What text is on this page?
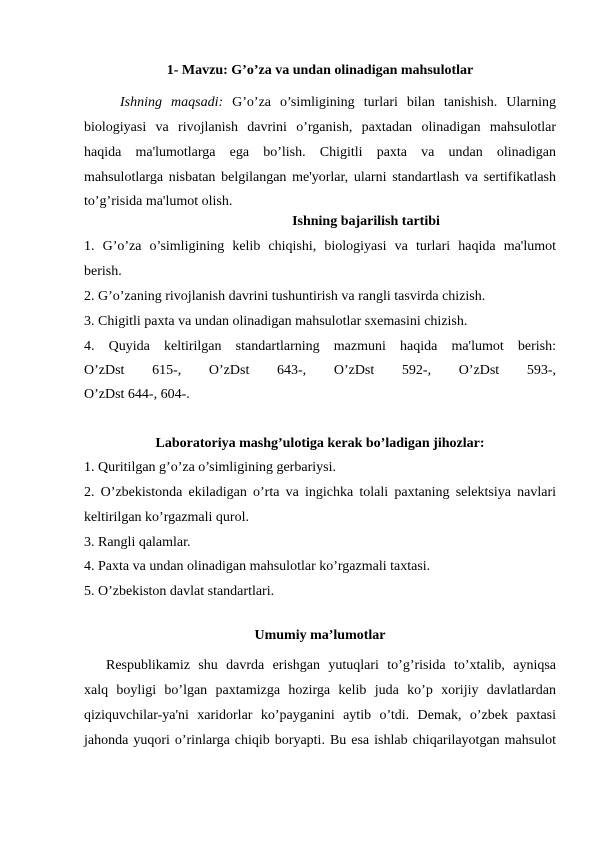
1- Mavzu: G’o’za va undan olinadigan mahsulotlar
Ishning maqsadi: G’o’za o’simligining turlari bilan tanishish. Ularning
biologiyasi va rivojlanish davrini o’rganish, paxtadan olinadigan mahsulotlar
haqida ma'lumotlarga ega bo’lish. Chigitli paxta va undan olinadigan
mahsulotlarga nisbatan belgilangan me'yorlar, ularni standartlash va sertifikatlash
to’g’risida ma'lumot olish.
Ishning bajarilish tartibi
1. G’o’za o’simligining kelib chiqishi, biologiyasi va turlari haqida ma'lumot
berish.
2. G’o’zaning rivojlanish davrini tushuntirish va rangli tasvirda chizish.
3. Chigitli paxta va undan olinadigan mahsulotlar sxemasini chizish.
4. Quyida keltirilgan standartlarning mazmuni haqida ma'lumot berish:
O’zDst 615-, O’zDst 643-, O’zDst 592-, O’zDst 593-,
O’zDst 644-, 604-.
Laboratoriya mashg’ulotiga kerak bo’ladigan jihozlar:
1. Quritilgan g’o’za o’simligining gerbariysi.
2. O’zbekistonda ekiladigan o’rta va ingichka tolali paxtaning selektsiya navlari
keltirilgan ko’rgazmali qurol.
3. Rangli qalamlar.
4. Paxta va undan olinadigan mahsulotlar ko’rgazmali taxtasi.
5. O’zbekiston davlat standartlari.
Umumiy ma’lumotlar
Respublikamiz shu davrda erishgan yutuqlari to’g’risida to’xtalib, ayniqsa
xalq boyligi bo’lgan paxtamizga hozirga kelib juda ko’p xorijiy davlatlardan
qiziquvchilar-ya'ni xaridorlar ko’payganini aytib o’tdi. Demak, o’zbek paxtasi
jahonda yuqori o’rinlarga chiqib boryapti. Bu esa ishlab chiqarilayotgan mahsulot
